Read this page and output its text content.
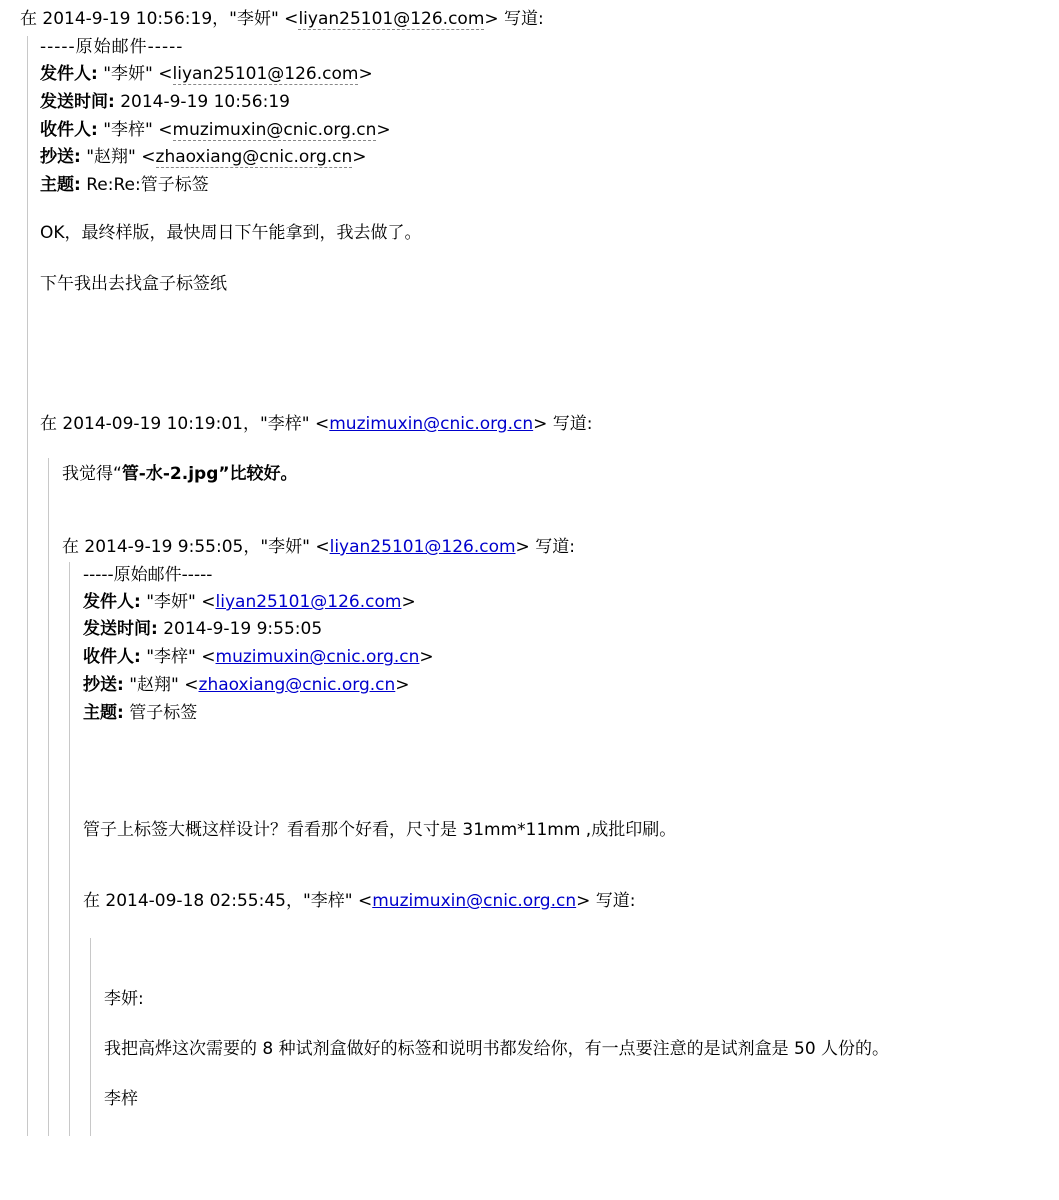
在 2014-9-19 10:56:19，"李妍" <liyan25101@126.com> 写道:
-----原始邮件-----
发件人: "李妍" <liyan25101@126.com>
发送时间: 2014-9-19 10:56:19
收件人: "李梓" <muzimuxin@cnic.org.cn>
抄送: "赵翔" <zhaoxiang@cnic.org.cn>
主题: Re:Re:管子标签
OK，最终样版，最快周日下午能拿到，我去做了。
下午我出去找盒子标签纸
在 2014-09-19 10:19:01，"李梓" <muzimuxin@cnic.org.cn> 写道:
我觉得“管-水-2.jpg”比较好。
在 2014-9-19 9:55:05，"李妍" <liyan25101@126.com> 写道:
-----原始邮件-----
发件人: "李妍" <liyan25101@126.com>
发送时间: 2014-9-19 9:55:05
收件人: "李梓" <muzimuxin@cnic.org.cn>
抄送: "赵翔" <zhaoxiang@cnic.org.cn>
主题: 管子标签
管子上标签大概这样设计？看看那个好看，尺寸是 31mm*11mm ,成批印刷。
在 2014-09-18 02:55:45，"李梓" <muzimuxin@cnic.org.cn> 写道:
李妍:
我把高烨这次需要的 8 种试剂盒做好的标签和说明书都发给你，有一点要注意的是试剂盒是 50 人份的。
李梓
